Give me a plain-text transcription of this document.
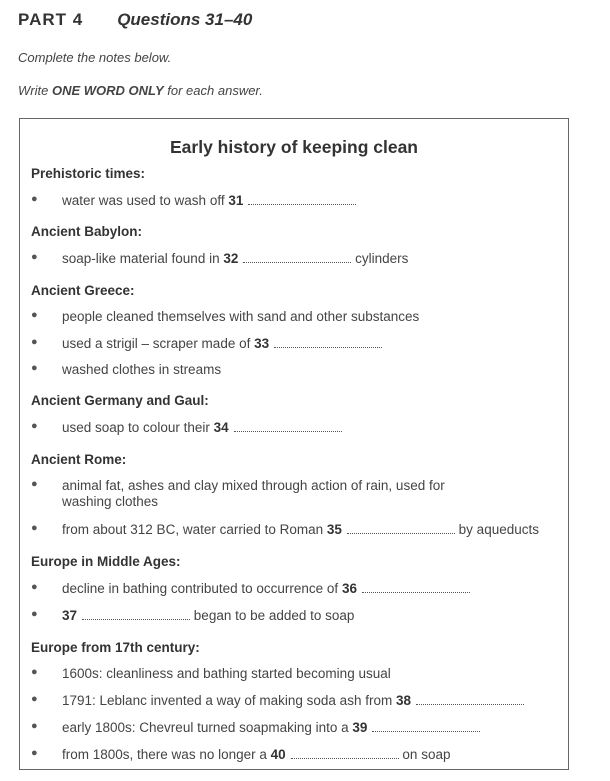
PART 4 Questions 31–40
Complete the notes below.
Write ONE WORD ONLY for each answer.
Early history of keeping clean
Prehistoric times:
●	water was used to wash off 31
Ancient Babylon:
●	soap-like material found in 32	cylinders
Ancient Greece:
●	people cleaned themselves with sand and other substances
●	used a strigil – scraper made of 33
●	washed clothes in streams
Ancient Germany and Gaul:
●	used soap to colour their 34
Ancient Rome:
●	animal fat, ashes and clay mixed through action of rain, used for
washing clothes
●	from about 312 BC, water carried to Roman 35	by aqueducts
Europe in Middle Ages:
●	decline in bathing contributed to occurrence of 36
●	37	began to be added to soap
Europe from 17th century:
●	1600s: cleanliness and bathing started becoming usual
●	1791: Leblanc invented a way of making soda ash from 38
●	early 1800s: Chevreul turned soapmaking into a 39
●	from 1800s, there was no longer a 40	on soap
